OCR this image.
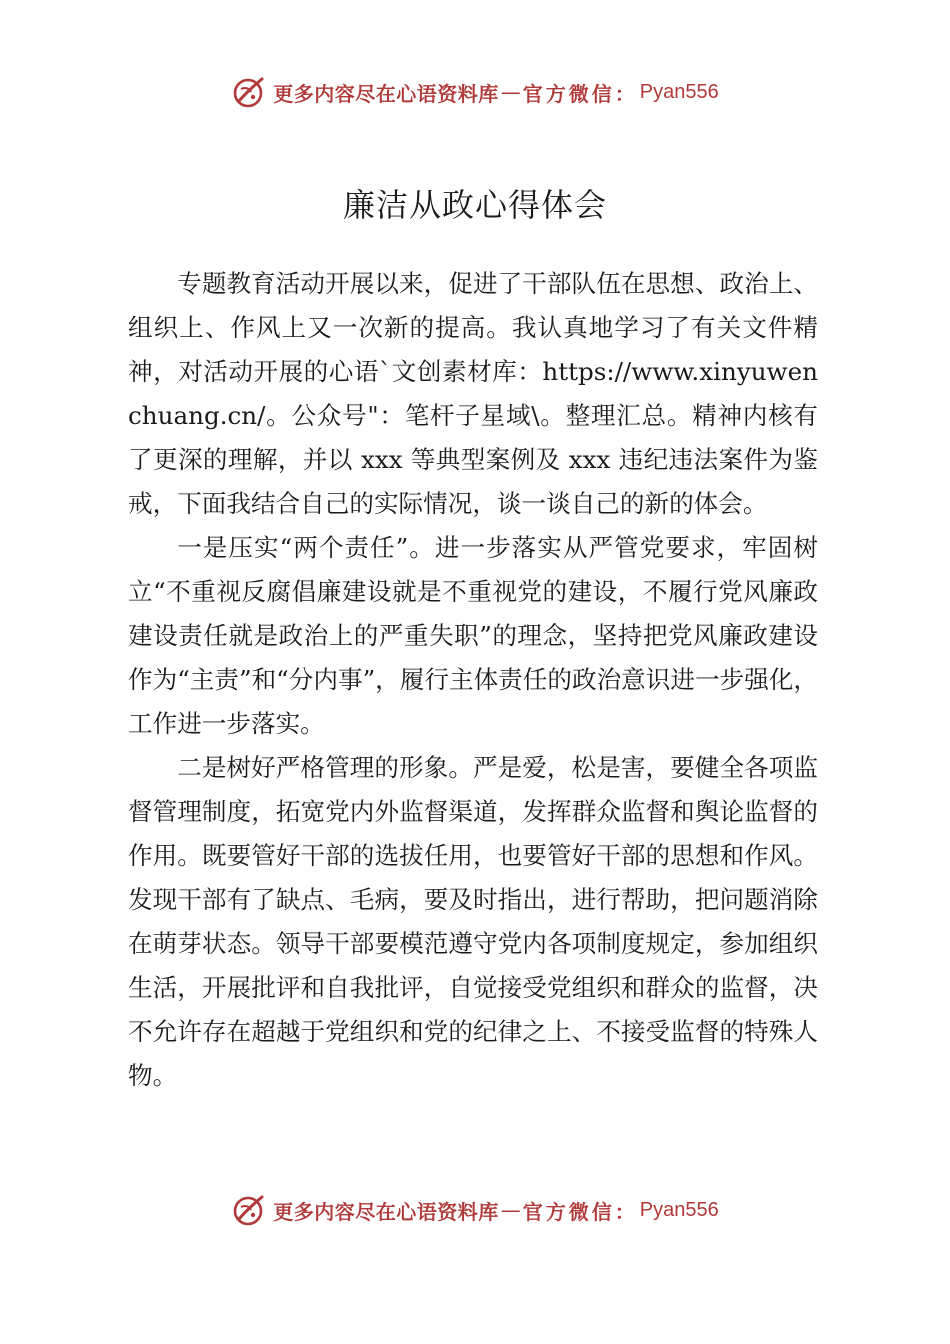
更多内容尽在心语资料库 — 官方微信： Pyan556
廉洁从政心得体会

专题教育活动开展以来，促进了干部队伍在思想、政治上、组织上、作风上又一次新的提高。我认真地学习了有关文件精神，对活动开展的心语`文创素材库：https://www.xinyuwenchuang.cn/。公众号"：笔杆子星域\。整理汇总。精神内核有了更深的理解，并以 xxx 等典型案例及 xxx 违纪违法案件为鉴戒，下面我结合自己的实际情况，谈一谈自己的新的体会。

一是压实“两个责任”。进一步落实从严管党要求，牢固树立“不重视反腐倡廉建设就是不重视党的建设，不履行党风廉政建设责任就是政治上的严重失职”的理念，坚持把党风廉政建设作为“主责”和“分内事”，履行主体责任的政治意识进一步强化，工作进一步落实。

二是树好严格管理的形象。严是爱，松是害，要健全各项监督管理制度，拓宽党内外监督渠道，发挥群众监督和舆论监督的作用。既要管好干部的选拔任用，也要管好干部的思想和作风。发现干部有了缺点、毛病，要及时指出，进行帮助，把问题消除在萌芽状态。领导干部要模范遵守党内各项制度规定，参加组织生活，开展批评和自我批评，自觉接受党组织和群众的监督，决不允许存在超越于党组织和党的纪律之上、不接受监督的特殊人物。

更多内容尽在心语资料库 — 官方微信： Pyan556
